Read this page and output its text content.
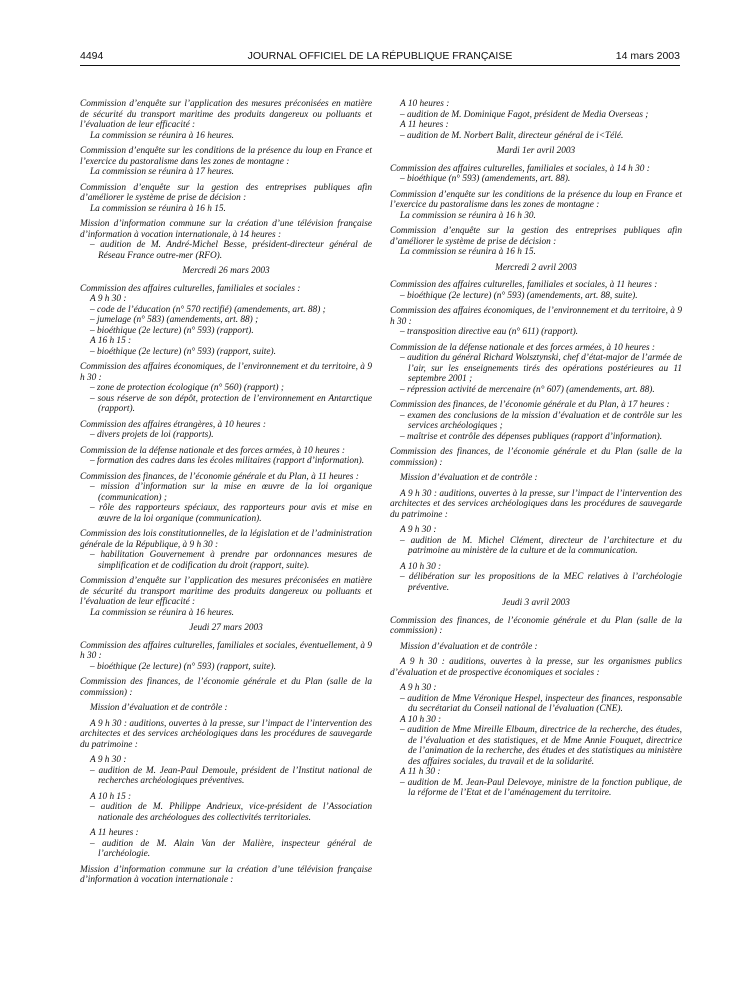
4494	JOURNAL OFFICIEL DE LA RÉPUBLIQUE FRANÇAISE	14 mars 2003
Commission d’enquête sur l’application des mesures préconisées en matière de sécurité du transport maritime des produits dangereux ou polluants et l’évaluation de leur efficacité :
La commission se réunira à 16 heures.
Commission d’enquête sur les conditions de la présence du loup en France et l’exercice du pastoralisme dans les zones de montagne :
La commission se réunira à 17 heures.
Commission d’enquête sur la gestion des entreprises publiques afin d’améliorer le système de prise de décision :
La commission se réunira à 16 h 15.
Mission d’information commune sur la création d’une télévision française d’information à vocation internationale, à 14 heures :
– audition de M. André-Michel Besse, président-directeur général de Réseau France outre-mer (RFO).
Mercredi 26 mars 2003
Commission des affaires culturelles, familiales et sociales :
A 9 h 30 :
– code de l’éducation (n° 570 rectifié) (amendements, art. 88) ;
– jumelage (n° 583) (amendements, art. 88) ;
– bioéthique (2e lecture) (n° 593) (rapport).
A 16 h 15 :
– bioéthique (2e lecture) (n° 593) (rapport, suite).
Commission des affaires économiques, de l’environnement et du territoire, à 9 h 30 :
– zone de protection écologique (n° 560) (rapport) ;
– sous réserve de son dépôt, protection de l’environnement en Antarctique (rapport).
Commission des affaires étrangères, à 10 heures :
– divers projets de loi (rapports).
Commission de la défense nationale et des forces armées, à 10 heures :
– formation des cadres dans les écoles militaires (rapport d’information).
Commission des finances, de l’économie générale et du Plan, à 11 heures :
– mission d’information sur la mise en œuvre de la loi organique (communication) ;
– rôle des rapporteurs spéciaux, des rapporteurs pour avis et mise en œuvre de la loi organique (communication).
Commission des lois constitutionnelles, de la législation et de l’administration générale de la République, à 9 h 30 :
– habilitation Gouvernement à prendre par ordonnances mesures de simplification et de codification du droit (rapport, suite).
Commission d’enquête sur l’application des mesures préconisées en matière de sécurité du transport maritime des produits dangereux ou polluants et l’évaluation de leur efficacité :
La commission se réunira à 16 heures.
Jeudi 27 mars 2003
Commission des affaires culturelles, familiales et sociales, éventuellement, à 9 h 30 :
– bioéthique (2e lecture) (n° 593) (rapport, suite).
Commission des finances, de l’économie générale et du Plan (salle de la commission) :
Mission d’évaluation et de contrôle :
A 9 h 30 : auditions, ouvertes à la presse, sur l’impact de l’intervention des architectes et des services archéologiques dans les procédures de sauvegarde du patrimoine :
A 9 h 30 :
– audition de M. Jean-Paul Demoule, président de l’Institut national de recherches archéologiques préventives.
A 10 h 15 :
– audition de M. Philippe Andrieux, vice-président de l’Association nationale des archéologues des collectivités territoriales.
A 11 heures :
– audition de M. Alain Van der Malière, inspecteur général de l’archéologie.
Mission d’information commune sur la création d’une télévision française d’information à vocation internationale :
A 10 heures :
– audition de M. Dominique Fagot, président de Media Overseas ;
A 11 heures :
– audition de M. Norbert Balit, directeur général de i<Télé.
Mardi 1er avril 2003
Commission des affaires culturelles, familiales et sociales, à 14 h 30 :
– bioéthique (n° 593) (amendements, art. 88).
Commission d’enquête sur les conditions de la présence du loup en France et l’exercice du pastoralisme dans les zones de montagne :
La commission se réunira à 16 h 30.
Commission d’enquête sur la gestion des entreprises publiques afin d’améliorer le système de prise de décision :
La commission se réunira à 16 h 15.
Mercredi 2 avril 2003
Commission des affaires culturelles, familiales et sociales, à 11 heures :
– bioéthique (2e lecture) (n° 593) (amendements, art. 88, suite).
Commission des affaires économiques, de l’environnement et du territoire, à 9 h 30 :
– transposition directive eau (n° 611) (rapport).
Commission de la défense nationale et des forces armées, à 10 heures :
– audition du général Richard Wolsztynski, chef d’état-major de l’armée de l’air, sur les enseignements tirés des opérations postérieures au 11 septembre 2001 ;
– répression activité de mercenaire (n° 607) (amendements, art. 88).
Commission des finances, de l’économie générale et du Plan, à 17 heures :
– examen des conclusions de la mission d’évaluation et de contrôle sur les services archéologiques ;
– maîtrise et contrôle des dépenses publiques (rapport d’information).
Commission des finances, de l’économie générale et du Plan (salle de la commission) :
Mission d’évaluation et de contrôle :
A 9 h 30 : auditions, ouvertes à la presse, sur l’impact de l’intervention des architectes et des services archéologiques dans les procédures de sauvegarde du patrimoine :
A 9 h 30 :
– audition de M. Michel Clément, directeur de l’architecture et du patrimoine au ministère de la culture et de la communication.
A 10 h 30 :
– délibération sur les propositions de la MEC relatives à l’archéologie préventive.
Jeudi 3 avril 2003
Commission des finances, de l’économie générale et du Plan (salle de la commission) :
Mission d’évaluation et de contrôle :
A 9 h 30 : auditions, ouvertes à la presse, sur les organismes publics d’évaluation et de prospective économiques et sociales :
A 9 h 30 :
– audition de Mme Véronique Hespel, inspecteur des finances, responsable du secrétariat du Conseil national de l’évaluation (CNE).
A 10 h 30 :
– audition de Mme Mireille Elbaum, directrice de la recherche, des études, de l’évaluation et des statistiques, et de Mme Annie Fouquet, directrice de l’animation de la recherche, des études et des statistiques au ministère des affaires sociales, du travail et de la solidarité.
A 11 h 30 :
– audition de M. Jean-Paul Delevoye, ministre de la fonction publique, de la réforme de l’Etat et de l’aménagement du territoire.
